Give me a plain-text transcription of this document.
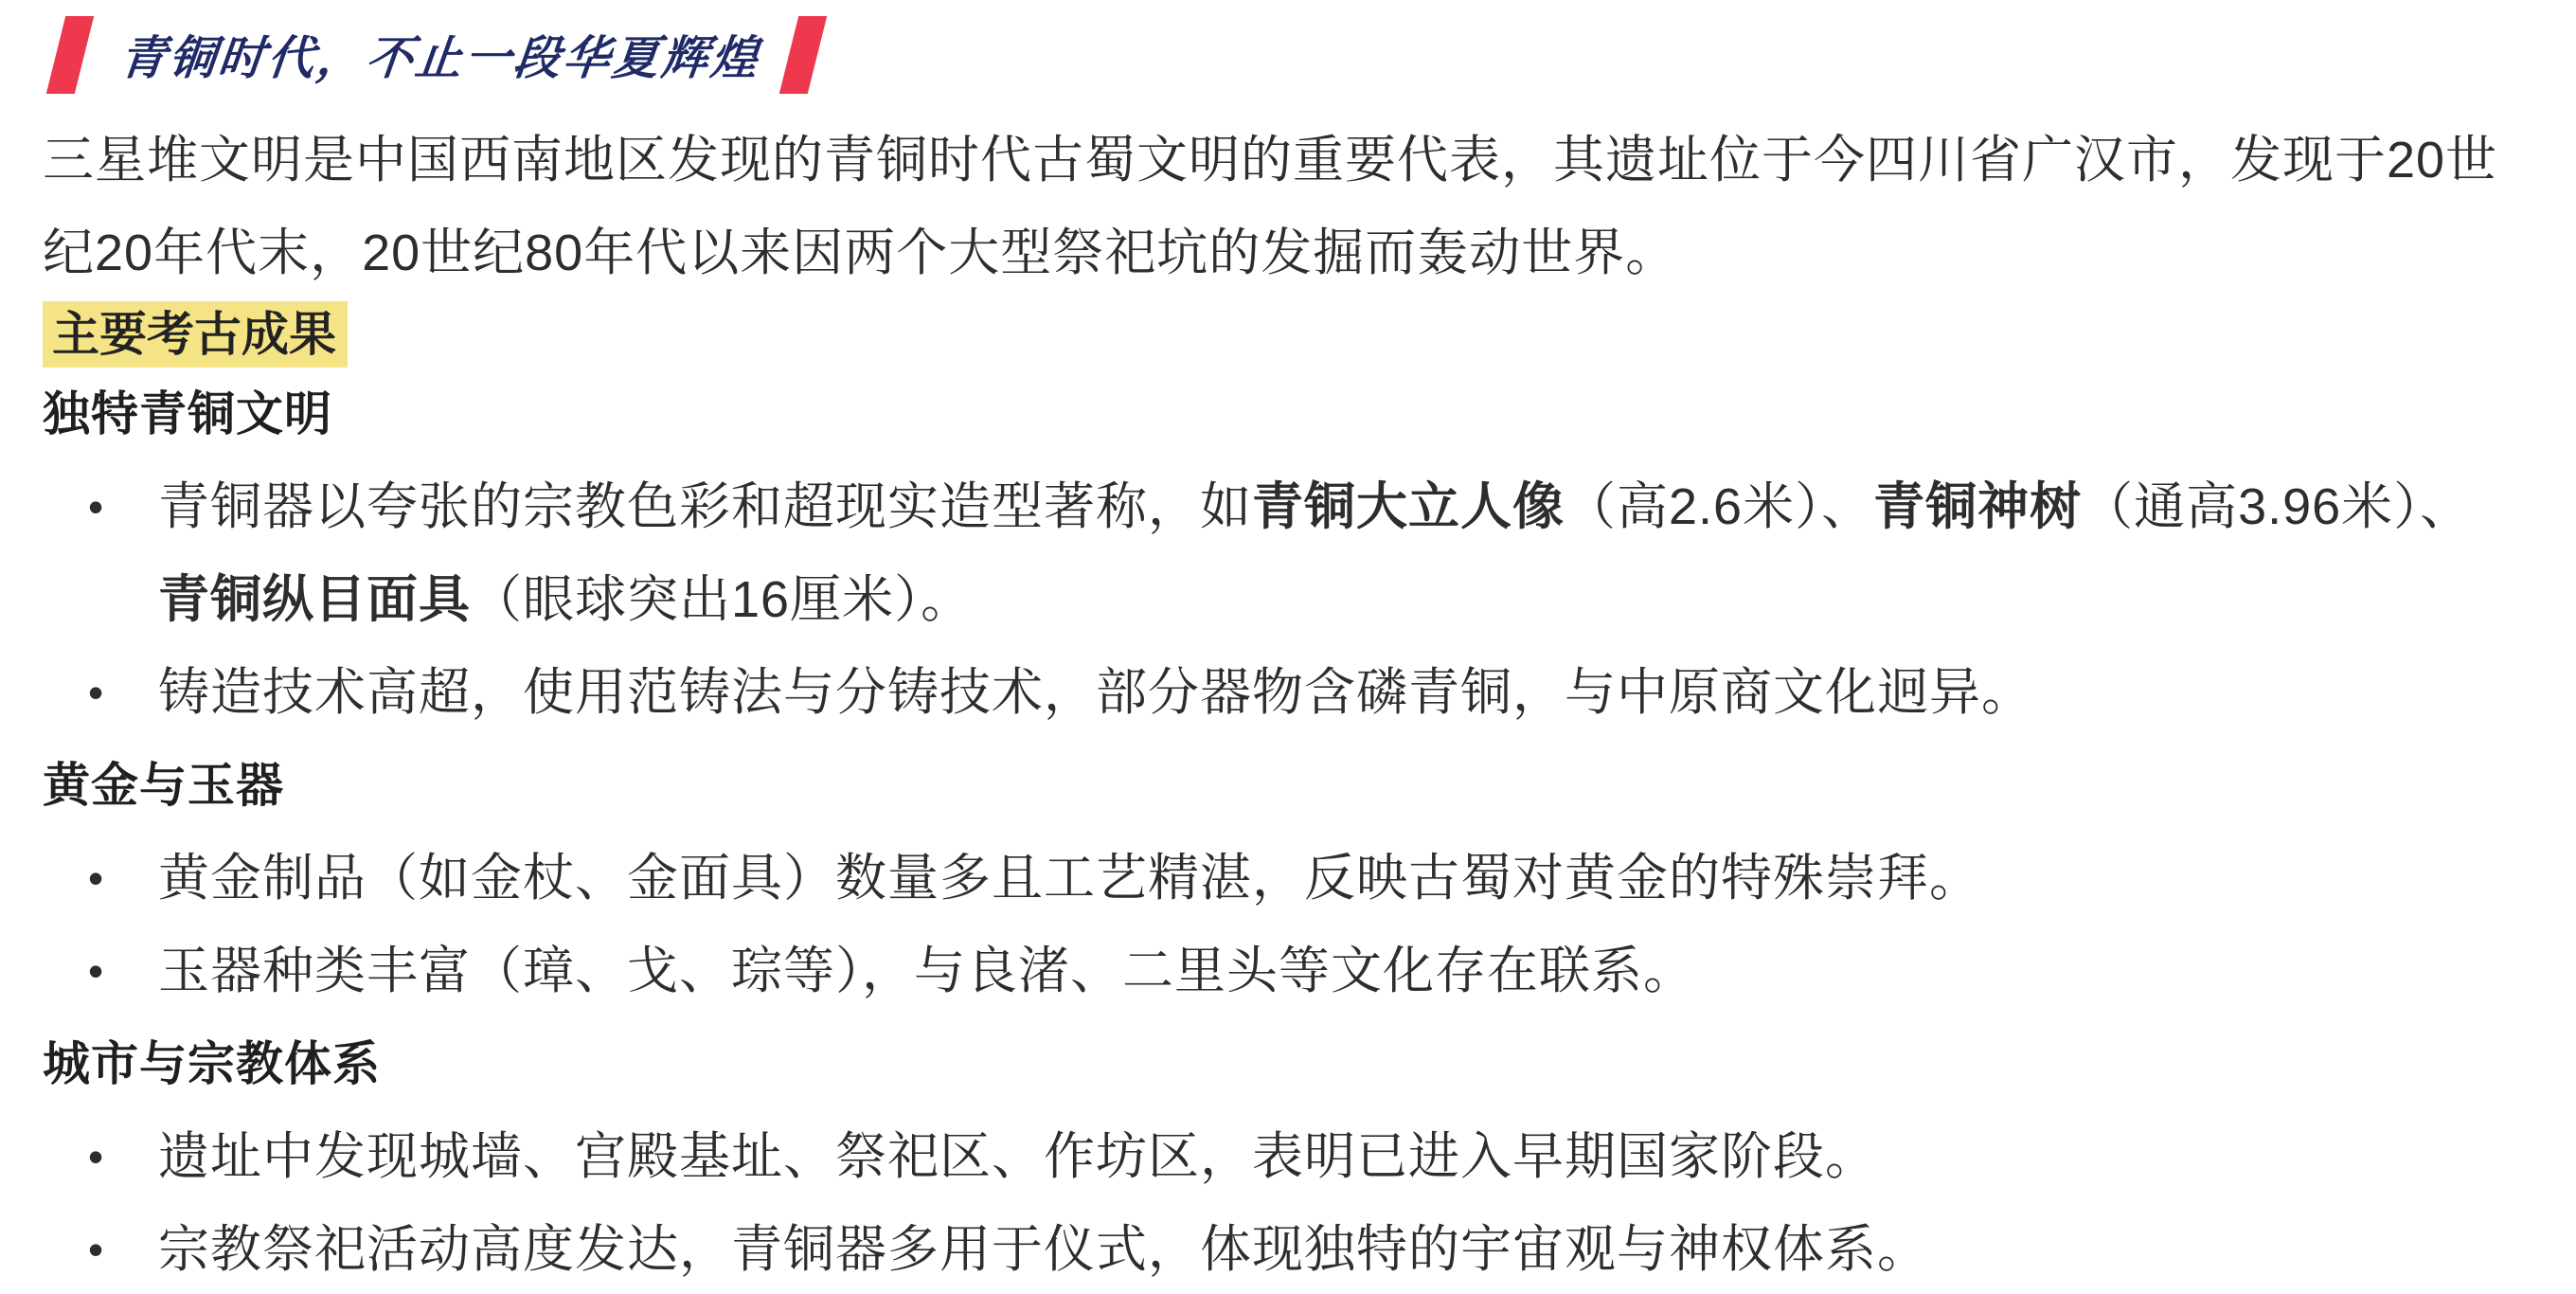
青铜时代，不止一段华夏辉煌

三星堆文明是中国西南地区发现的青铜时代古蜀文明的重要代表，其遗址位于今四川省广汉市，发现于20世纪20年代末，20世纪80年代以来因两个大型祭祀坑的发掘而轰动世界。

主要考古成果
独特青铜文明
• 青铜器以夸张的宗教色彩和超现实造型著称，如青铜大立人像（高2.6米）、青铜神树（通高3.96米）、青铜纵目面具（眼球突出16厘米）。
• 铸造技术高超，使用范铸法与分铸技术，部分器物含磷青铜，与中原商文化迥异。
黄金与玉器
• 黄金制品（如金杖、金面具）数量多且工艺精湛，反映古蜀对黄金的特殊崇拜。
• 玉器种类丰富（璋、戈、琮等），与良渚、二里头等文化存在联系。
城市与宗教体系
• 遗址中发现城墙、宫殿基址、祭祀区、作坊区，表明已进入早期国家阶段。
• 宗教祭祀活动高度发达，青铜器多用于仪式，体现独特的宇宙观与神权体系。
